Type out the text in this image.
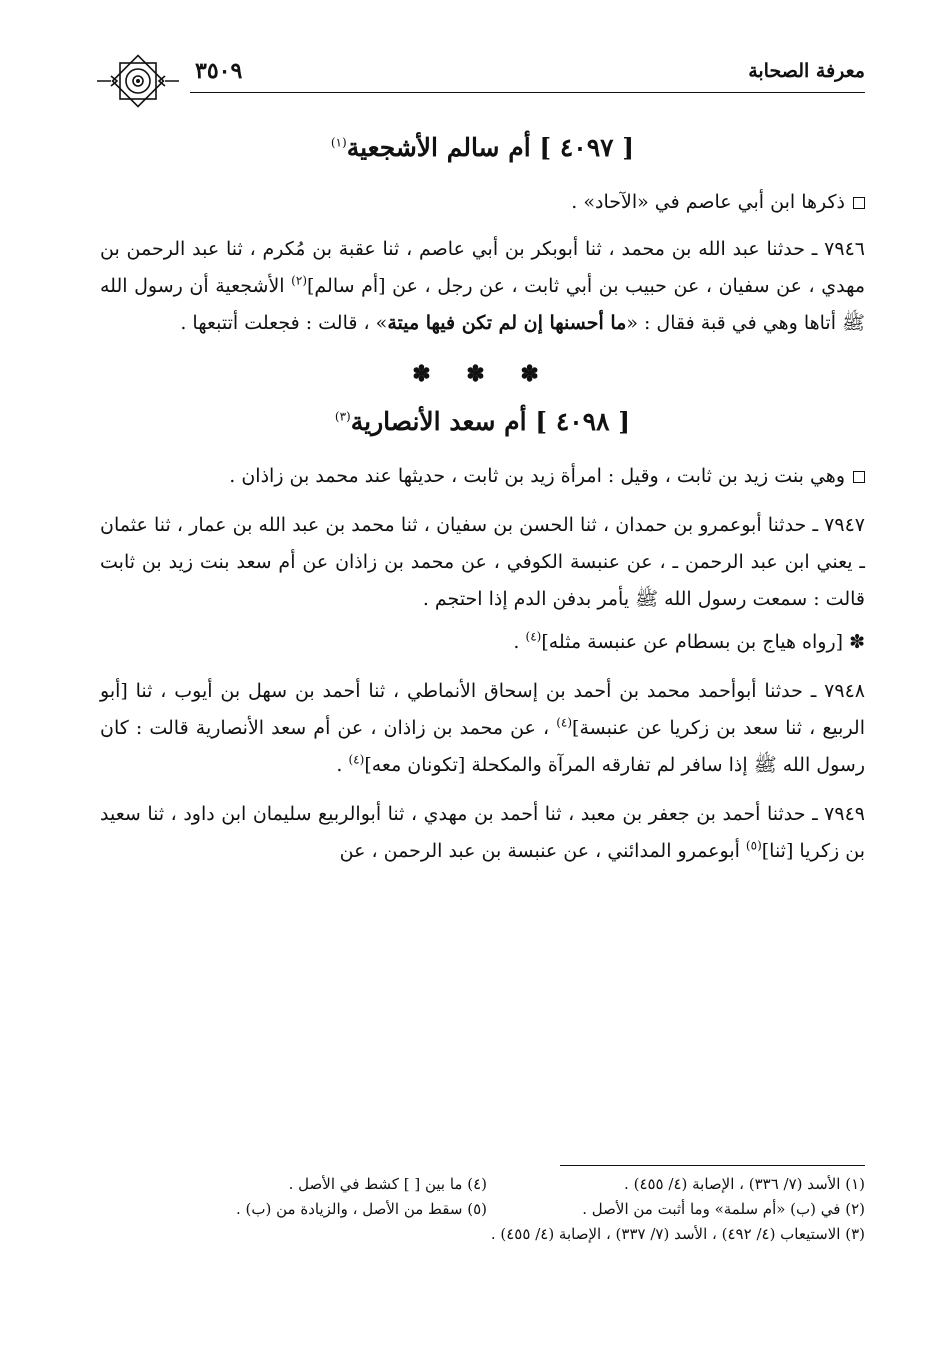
معرفة الصحابة
٣٥٠٩
[ ٤٠٩٧ ] أم سالم الأشجعية$^{(١)}$

ذكرها ابن أبي عاصم في «الآحاد» .

٧٩٤٦ ـ حدثنا عبد الله بن محمد ، ثنا أبوبكر بن أبي عاصم ، ثنا عقبة بن مُكرم ، ثنا عبد الرحمن بن مهدي ، عن سفيان ، عن حبيب بن أبي ثابت ، عن رجل ، عن [أم سالم]$^{(٢)}$ الأشجعية أن رسول الله ﷺ أتاها وهي في قبة فقال : «ما أحسنها إن لم تكن فيها ميتة» ، قالت : فجعلت أتتبعها .

✽ ✽ ✽
[ ٤٠٩٨ ] أم سعد الأنصارية$^{(٣)}$

وهي بنت زيد بن ثابت ، وقيل : امرأة زيد بن ثابت ، حديثها عند محمد بن زاذان .

٧٩٤٧ ـ حدثنا أبوعمرو بن حمدان ، ثنا الحسن بن سفيان ، ثنا محمد بن عبد الله بن عمار ، ثنا عثمان ـ يعني ابن عبد الرحمن ـ ، عن عنبسة الكوفي ، عن محمد بن زاذان عن أم سعد بنت زيد بن ثابت قالت : سمعت رسول الله ﷺ يأمر بدفن الدم إذا احتجم .

✽ [رواه هياج بن بسطام عن عنبسة مثله]$^{(٤)}$ .

٧٩٤٨ ـ حدثنا أبوأحمد محمد بن أحمد بن إسحاق الأنماطي ، ثنا أحمد بن سهل بن أيوب ، ثنا [أبو الربيع ، ثنا سعد بن زكريا عن عنبسة]$^{(٤)}$ ، عن محمد بن زاذان ، عن أم سعد الأنصارية قالت : كان رسول الله ﷺ إذا سافر لم تفارقه المرآة والمكحلة [تكونان معه]$^{(٤)}$ .

٧٩٤٩ ـ حدثنا أحمد بن جعفر بن معبد ، ثنا أحمد بن مهدي ، ثنا أبوالربيع سليمان ابن داود ، ثنا سعيد بن زكريا [ثنا]$^{(٥)}$ أبوعمرو المدائني ، عن عنبسة بن عبد الرحمن ، عن

(١) الأسد (٧/ ٣٣٦) ، الإصابة (٤/ ٤٥٥) .(٤) ما بين [ ] كشط في الأصل .
(٢) في (ب) «أم سلمة» وما أثبت من الأصل .(٥) سقط من الأصل ، والزيادة من (ب) .
(٣) الاستيعاب (٤/ ٤٩٢) ، الأسد (٧/ ٣٣٧) ، الإصابة (٤/ ٤٥٥) .
